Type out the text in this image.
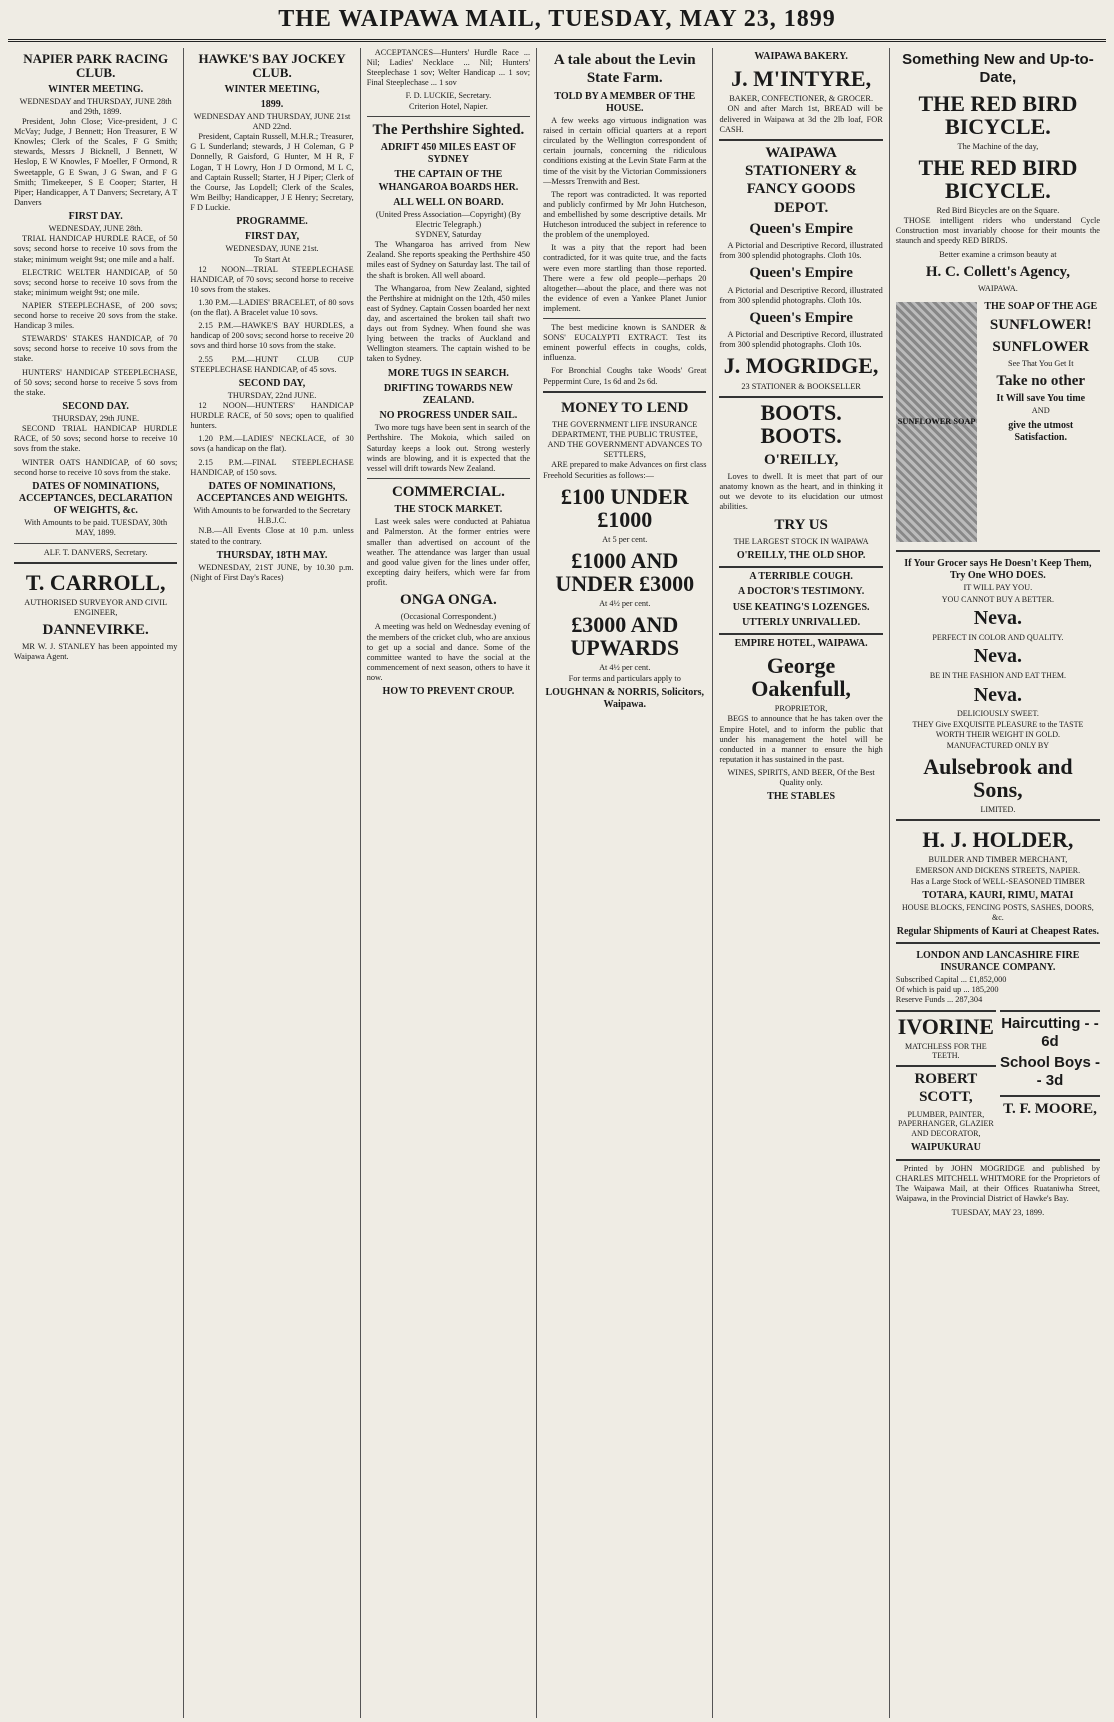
THE WAIPAWA MAIL, TUESDAY, MAY 23, 1899
NAPIER PARK RACING CLUB.
WINTER MEETING.
WEDNESDAY and THURSDAY, JUNE 28th and 29th, 1899.

President, John Close; Vice-president, J C McVay; Judge, J Bennett; Hon Treasurer, E W Knowles; Clerk of the Scales, F G Smith; stewards, Messrs J Bicknell, J Bennett, W Heslop, E W Knowles, F Moeller, F Ormond, R Sweetapple, G E Swan, J G Swan, and F G Smith; Timekeeper, S E Cooper; Starter, H Piper; Handicapper, A T Danvers; Secretary, A T Danvers

FIRST DAY.
WEDNESDAY, JUNE 28th.

TRIAL HANDICAP HURDLE RACE, of 50 sovs; second horse to receive 10 sovs from the stake; minimum weight 9st; one mile and a half.

ELECTRIC WELTER HANDICAP, of 50 sovs; second horse to receive 10 sovs from the stake; minimum weight 9st; one mile.

NAPIER STEEPLECHASE, of 200 sovs; second horse to receive 20 sovs from the stake. Handicap 3 miles.

STEWARDS' STAKES HANDICAP, of 70 sovs; second horse to receive 10 sovs from the stake.

HUNTERS' HANDICAP STEEPLECHASE, of 50 sovs; second horse to receive 5 sovs from the stake.

SECOND DAY.
THURSDAY, 29th JUNE.

SECOND TRIAL HANDICAP HURDLE RACE, of 50 sovs; second horse to receive 10 sovs from the stake.

WINTER OATS HANDICAP, of 60 sovs; second horse to receive 10 sovs from the stake.

DATES OF NOMINATIONS, ACCEPTANCES, DECLARATION OF WEIGHTS, &c.
With Amounts to be paid. TUESDAY, 30th MAY, 1899.
ALF. T. DANVERS, Secretary.
T. CARROLL,
AUTHORISED SURVEYOR AND CIVIL ENGINEER,
DANNEVIRKE.

MR W. J. STANLEY has been appointed my Waipawa Agent.

HAWKE'S BAY JOCKEY CLUB.
WINTER MEETING,
1899.
WEDNESDAY AND THURSDAY, JUNE 21st AND 22nd.

President, Captain Russell, M.H.R.; Treasurer, G L Sunderland; stewards, J H Coleman, G P Donnelly, R Gaisford, G Hunter, M H R, F Logan, T H Lowry, Hon J D Ormond, M L C, and Captain Russell; Starter, H J Piper; Clerk of the Course, Jas Lopdell; Clerk of the Scales, Wm Beilby; Handicapper, J E Henry; Secretary, F D Luckie.

PROGRAMME.
FIRST DAY,
WEDNESDAY, JUNE 21st.
To Start At

12 NOON—TRIAL STEEPLECHASE HANDICAP, of 70 sovs; second horse to receive 10 sovs from the stakes.

1.30 P.M.—LADIES' BRACELET, of 80 sovs (on the flat). A Bracelet value 10 sovs.

2.15 P.M.—HAWKE'S BAY HURDLES, a handicap of 200 sovs; second horse to receive 20 sovs and third horse 10 sovs from the stake.

2.55 P.M.—HUNT CLUB CUP STEEPLECHASE HANDICAP, of 45 sovs.

SECOND DAY,
THURSDAY, 22nd JUNE.

12 NOON—HUNTERS' HANDICAP HURDLE RACE, of 50 sovs; open to qualified hunters.

1.20 P.M.—LADIES' NECKLACE, of 30 sovs (a handicap on the flat).

2.15 P.M.—FINAL STEEPLECHASE HANDICAP, of 150 sovs.

DATES OF NOMINATIONS, ACCEPTANCES AND WEIGHTS.
With Amounts to be forwarded to the Secretary H.B.J.C.

N.B.—All Events Close at 10 p.m. unless stated to the contrary.

THURSDAY, 18TH MAY.

WEDNESDAY, 21ST JUNE, by 10.30 p.m. (Night of First Day's Races)

ACCEPTANCES—Hunters' Hurdle Race ... Nil; Ladies' Necklace ... Nil; Hunters' Steeplechase 1 sov; Welter Handicap ... 1 sov; Final Steeplechase ... 1 sov

F. D. LUCKIE, Secretary.
Criterion Hotel, Napier.
The Perthshire Sighted.
ADRIFT 450 MILES EAST OF SYDNEY
THE CAPTAIN OF THE WHANGAROA BOARDS HER.
ALL WELL ON BOARD.
(United Press Association—Copyright) (By Electric Telegraph.)
SYDNEY, Saturday

The Whangaroa has arrived from New Zealand. She reports speaking the Perthshire 450 miles east of Sydney on Saturday last. The tail of the shaft is broken. All well aboard.

The Whangaroa, from New Zealand, sighted the Perthshire at midnight on the 12th, 450 miles east of Sydney. Captain Cossen boarded her next day, and ascertained the broken tail shaft two days out from Sydney. When found she was lying between the tracks of Auckland and Wellington steamers. The captain wished to be taken to Sydney.

MORE TUGS IN SEARCH.
DRIFTING TOWARDS NEW ZEALAND.
NO PROGRESS UNDER SAIL.

Two more tugs have been sent in search of the Perthshire. The Mokoia, which sailed on Saturday keeps a look out. Strong westerly winds are blowing, and it is expected that the vessel will drift towards New Zealand.

COMMERCIAL.
THE STOCK MARKET.

Last week sales were conducted at Pahiatua and Palmerston. At the former entries were smaller than advertised on account of the weather. The attendance was larger than usual and good value given for the lines under offer, excepting dairy heifers, which were far from profit.

ONGA ONGA.
(Occasional Correspondent.)

A meeting was held on Wednesday evening of the members of the cricket club, who are anxious to get up a social and dance. Some of the committee wanted to have the social at the commencement of next season, others to have it now.

HOW TO PREVENT CROUP.
A tale about the Levin State Farm.
TOLD BY A MEMBER OF THE HOUSE.

A few weeks ago virtuous indignation was raised in certain official quarters at a report circulated by the Wellington correspondent of certain journals, concerning the ridiculous conditions existing at the Levin State Farm at the time of the visit by the Victorian Commissioners—Messrs Trenwith and Best.

The report was contradicted. It was reported and publicly confirmed by Mr John Hutcheson, and embellished by some descriptive details. Mr Hutcheson introduced the subject in reference to the problem of the unemployed.

It was a pity that the report had been contradicted, for it was quite true, and the facts were even more startling than those reported. There were a few old people—perhaps 20 altogether—about the place, and there was not the evidence of even a Yankee Planet Junior implement.

The best medicine known is SANDER & SONS' EUCALYPTI EXTRACT. Test its eminent powerful effects in coughs, colds, influenza.

For Bronchial Coughs take Woods' Great Peppermint Cure, 1s 6d and 2s 6d.

MONEY TO LEND
THE GOVERNMENT LIFE INSURANCE DEPARTMENT, THE PUBLIC TRUSTEE, AND THE GOVERNMENT ADVANCES TO SETTLERS,

ARE prepared to make Advances on first class Freehold Securities as follows:—

£100 UNDER £1000
At 5 per cent.
£1000 AND UNDER £3000
At 4½ per cent.
£3000 AND UPWARDS
At 4½ per cent.
For terms and particulars apply to
LOUGHNAN & NORRIS, Solicitors, Waipawa.
WAIPAWA BAKERY.
J. M'INTYRE,
BAKER, CONFECTIONER, & GROCER.

ON and after March 1st, BREAD will be delivered in Waipawa at 3d the 2lb loaf, FOR CASH.

WAIPAWA STATIONERY & FANCY GOODS DEPOT.
Queen's Empire

A Pictorial and Descriptive Record, illustrated from 300 splendid photographs. Cloth 10s.

Queen's Empire

A Pictorial and Descriptive Record, illustrated from 300 splendid photographs. Cloth 10s.

Queen's Empire

A Pictorial and Descriptive Record, illustrated from 300 splendid photographs. Cloth 10s.

J. MOGRIDGE,
23 STATIONER & BOOKSELLER
BOOTS. BOOTS.
O'REILLY,

Loves to dwell. It is meet that part of our anatomy known as the heart, and in thinking it out we devote to its elucidation our utmost abilities.

TRY US
THE LARGEST STOCK IN WAIPAWA
O'REILLY, THE OLD SHOP.
A TERRIBLE COUGH.
A DOCTOR'S TESTIMONY.
USE KEATING'S LOZENGES.
UTTERLY UNRIVALLED.
EMPIRE HOTEL, WAIPAWA.
George Oakenfull,
PROPRIETOR,

BEGS to announce that he has taken over the Empire Hotel, and to inform the public that under his management the hotel will be conducted in a manner to ensure the high reputation it has sustained in the past.

WINES, SPIRITS, AND BEER, Of the Best Quality only.
THE STABLES
Something New and Up-to-Date,
THE RED BIRD BICYCLE.
The Machine of the day,
THE RED BIRD BICYCLE.
Red Bird Bicycles are on the Square.

THOSE intelligent riders who understand Cycle Construction most invariably choose for their mounts the staunch and speedy RED BIRDS.

Better examine a crimson beauty at
H. C. Collett's Agency,
WAIPAWA.
SUNFLOWER SOAP
THE SOAP OF THE AGE
SUNFLOWER!
SUNFLOWER
See That You Get It
Take no other
It Will save You time
AND
give the utmost Satisfaction.
If Your Grocer says He Doesn't Keep Them, Try One WHO DOES.
IT WILL PAY YOU.
YOU CANNOT BUY A BETTER.
Neva.
PERFECT IN COLOR AND QUALITY.
Neva.
BE IN THE FASHION AND EAT THEM.
Neva.
DELICIOUSLY SWEET.
THEY Give EXQUISITE PLEASURE to the TASTE
WORTH THEIR WEIGHT IN GOLD.
MANUFACTURED ONLY BY
Aulsebrook and Sons,
LIMITED.
H. J. HOLDER,
BUILDER AND TIMBER MERCHANT,
EMERSON AND DICKENS STREETS, NAPIER.
Has a Large Stock of WELL-SEASONED TIMBER
TOTARA, KAURI, RIMU, MATAI
HOUSE BLOCKS, FENCING POSTS, SASHES, DOORS, &c.
Regular Shipments of Kauri at Cheapest Rates.
LONDON AND LANCASHIRE FIRE INSURANCE COMPANY.
Subscribed Capital ... £1,852,000
Of which is paid up ... 185,200
Reserve Funds ... 287,304
IVORINE
MATCHLESS FOR THE TEETH.
ROBERT SCOTT,
PLUMBER, PAINTER, PAPERHANGER, GLAZIER AND DECORATOR,
WAIPUKURAU
Haircutting - - 6d
School Boys - - 3d
T. F. MOORE,

Printed by JOHN MOGRIDGE and published by CHARLES MITCHELL WHITMORE for the Proprietors of The Waipawa Mail, at their Offices Ruataniwha Street, Waipawa, in the Provincial District of Hawke's Bay.

TUESDAY, MAY 23, 1899.
